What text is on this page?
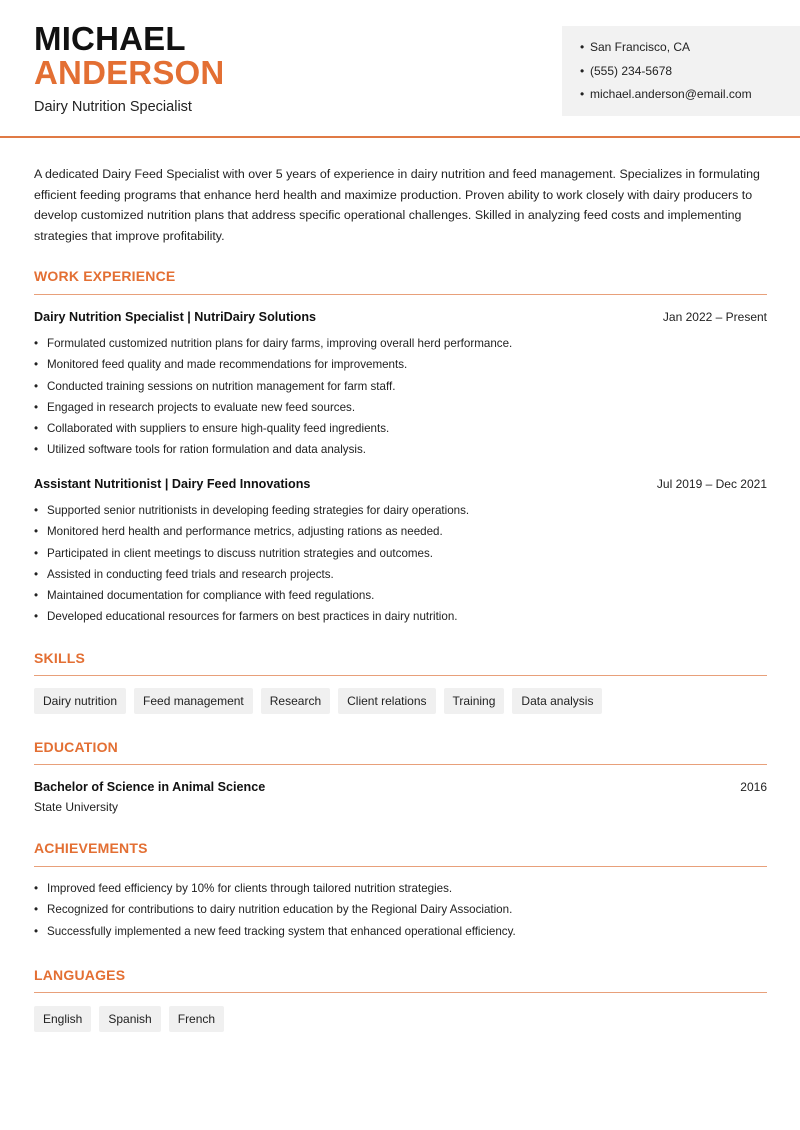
MICHAEL
ANDERSON
Dairy Nutrition Specialist
• San Francisco, CA
• (555) 234-5678
• michael.anderson@email.com
A dedicated Dairy Feed Specialist with over 5 years of experience in dairy nutrition and feed management. Specializes in formulating efficient feeding programs that enhance herd health and maximize production. Proven ability to work closely with dairy producers to develop customized nutrition plans that address specific operational challenges. Skilled in analyzing feed costs and implementing strategies that improve profitability.
WORK EXPERIENCE
Dairy Nutrition Specialist | NutriDairy Solutions	Jan 2022 – Present
• Formulated customized nutrition plans for dairy farms, improving overall herd performance.
• Monitored feed quality and made recommendations for improvements.
• Conducted training sessions on nutrition management for farm staff.
• Engaged in research projects to evaluate new feed sources.
• Collaborated with suppliers to ensure high-quality feed ingredients.
• Utilized software tools for ration formulation and data analysis.
Assistant Nutritionist | Dairy Feed Innovations	Jul 2019 – Dec 2021
• Supported senior nutritionists in developing feeding strategies for dairy operations.
• Monitored herd health and performance metrics, adjusting rations as needed.
• Participated in client meetings to discuss nutrition strategies and outcomes.
• Assisted in conducting feed trials and research projects.
• Maintained documentation for compliance with feed regulations.
• Developed educational resources for farmers on best practices in dairy nutrition.
SKILLS
Dairy nutrition	Feed management	Research	Client relations	Training	Data analysis
EDUCATION
Bachelor of Science in Animal Science	2016
State University
ACHIEVEMENTS
• Improved feed efficiency by 10% for clients through tailored nutrition strategies.
• Recognized for contributions to dairy nutrition education by the Regional Dairy Association.
• Successfully implemented a new feed tracking system that enhanced operational efficiency.
LANGUAGES
English	Spanish	French
